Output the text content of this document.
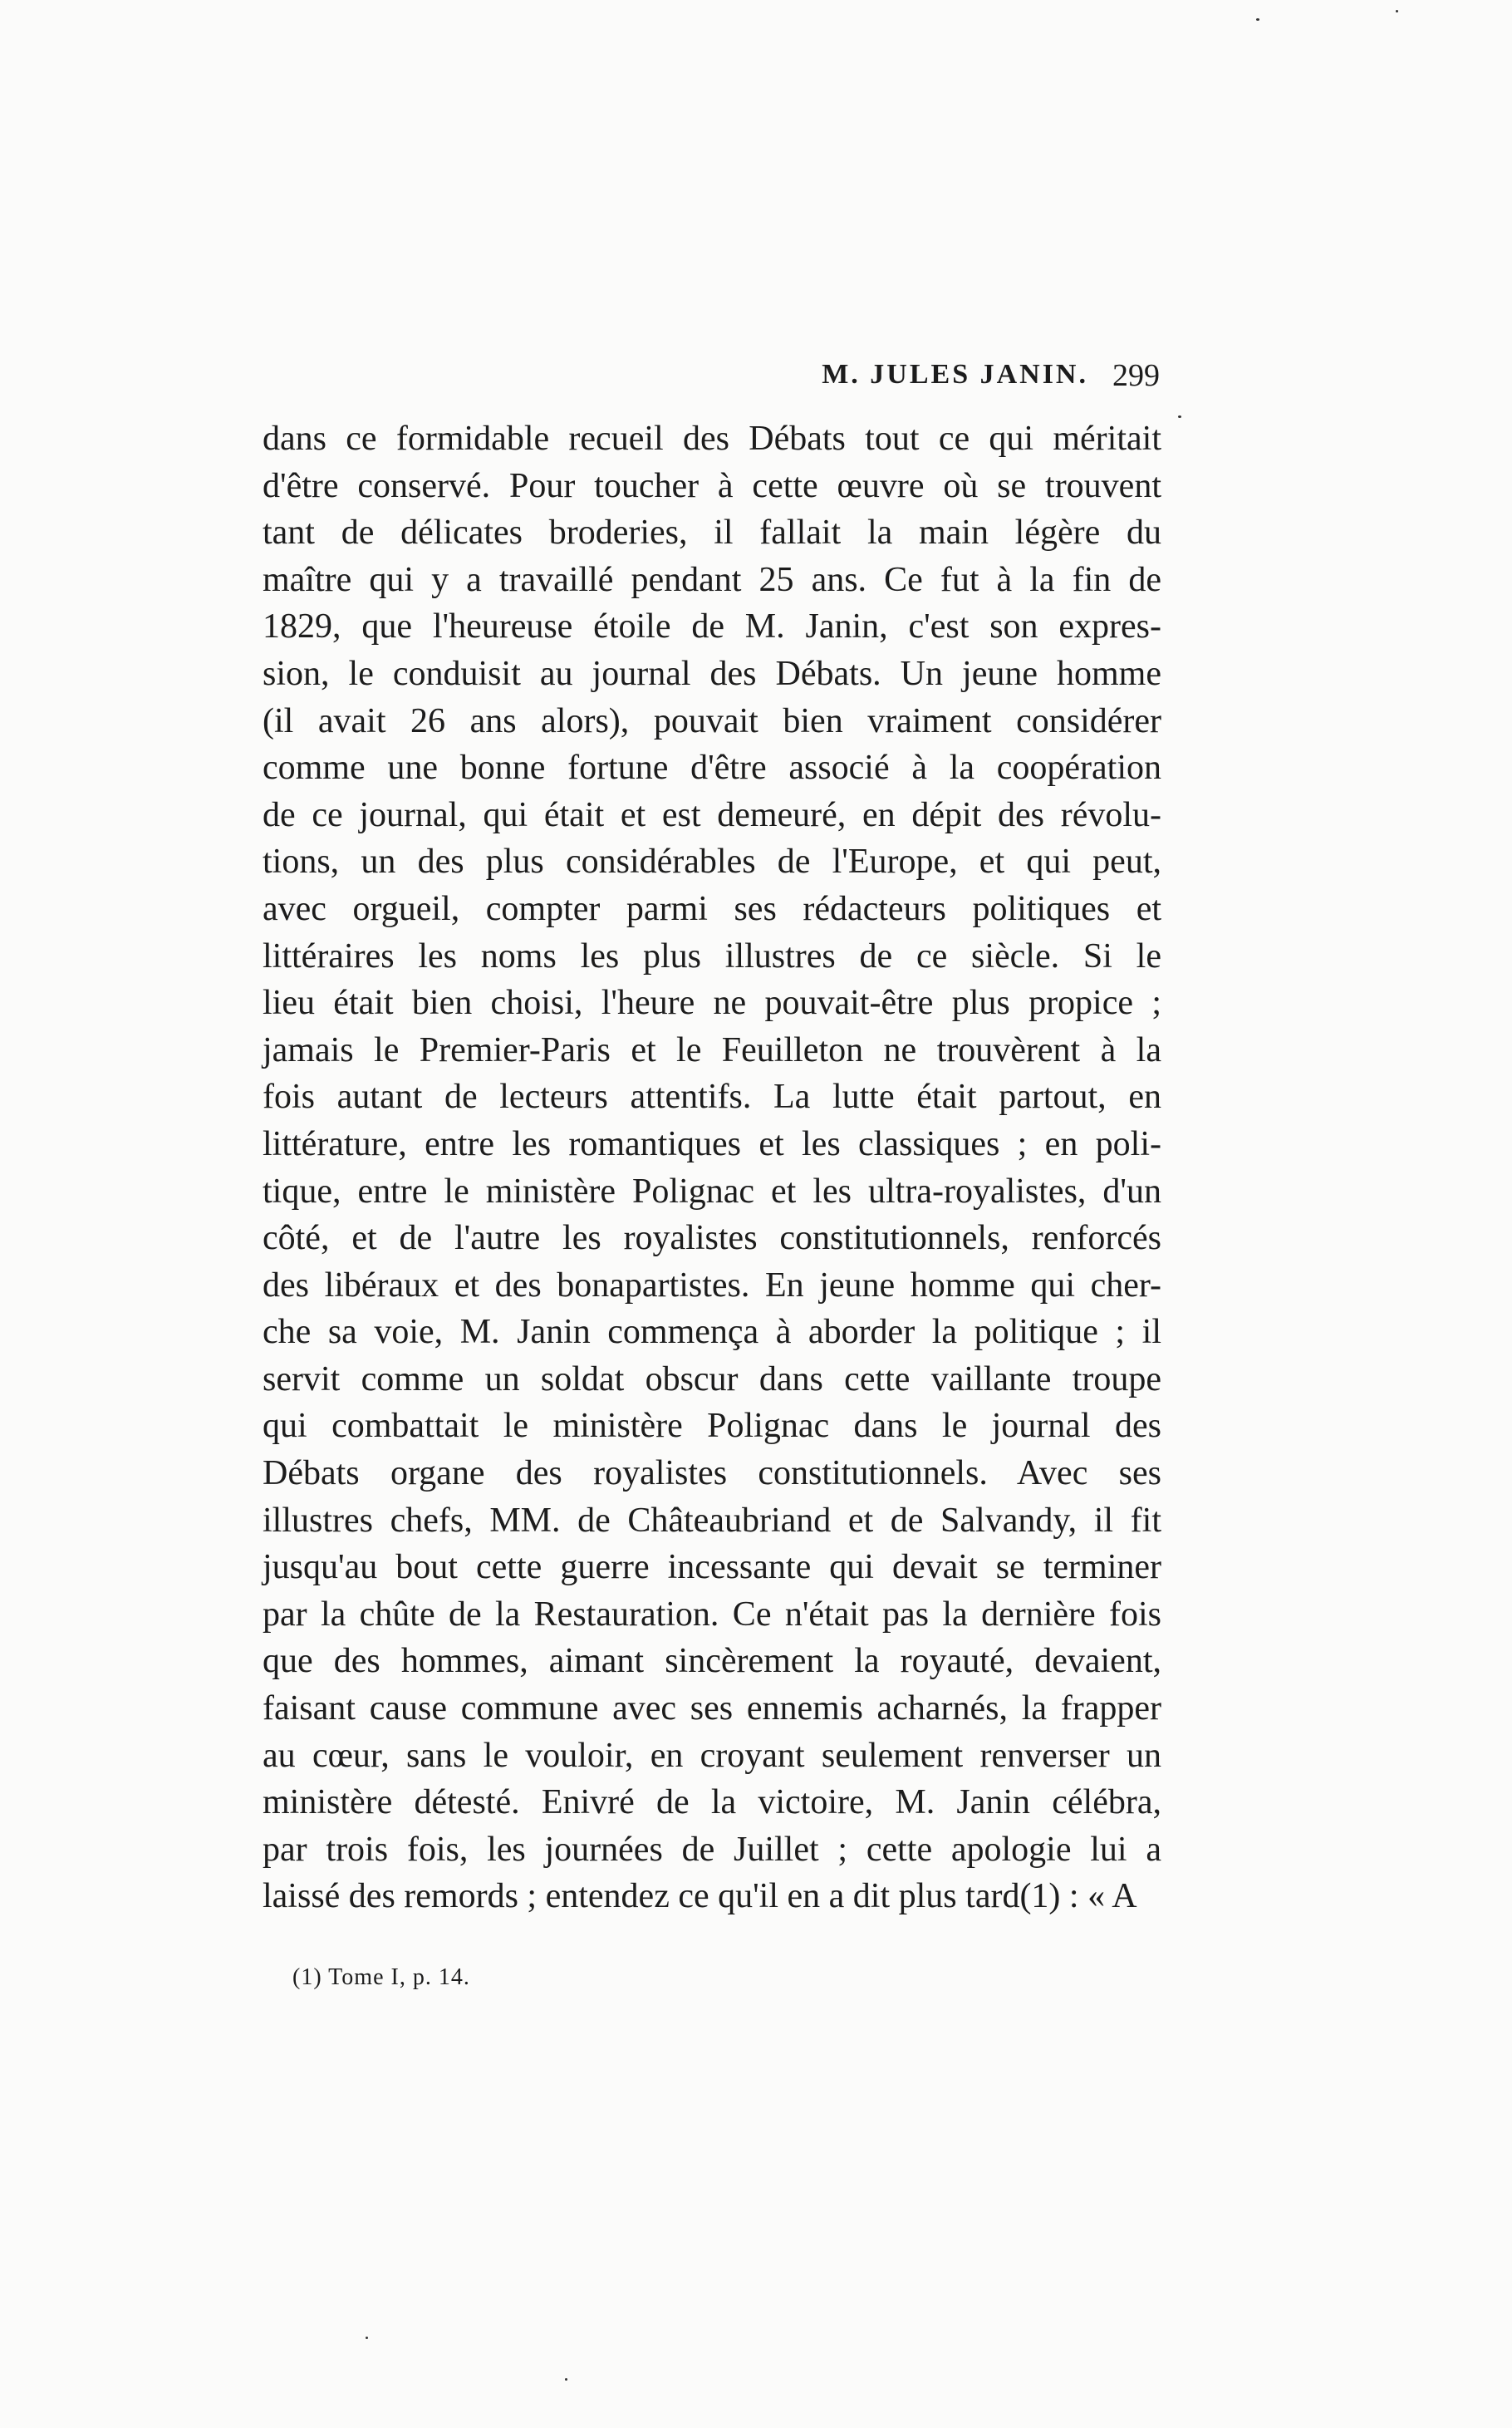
M. JULES JANIN. 299
dans ce formidable recueil des Débats tout ce qui méritait
d'être conservé. Pour toucher à cette œuvre où se trouvent
tant de délicates broderies, il fallait la main légère du
maître qui y a travaillé pendant 25 ans. Ce fut à la fin de
1829, que l'heureuse étoile de M. Janin, c'est son expres-
sion, le conduisit au journal des Débats. Un jeune homme
(il avait 26 ans alors), pouvait bien vraiment considérer
comme une bonne fortune d'être associé à la coopération
de ce journal, qui était et est demeuré, en dépit des révolu-
tions, un des plus considérables de l'Europe, et qui peut,
avec orgueil, compter parmi ses rédacteurs politiques et
littéraires les noms les plus illustres de ce siècle. Si le
lieu était bien choisi, l'heure ne pouvait-être plus propice ;
jamais le Premier-Paris et le Feuilleton ne trouvèrent à la
fois autant de lecteurs attentifs. La lutte était partout, en
littérature, entre les romantiques et les classiques ; en poli-
tique, entre le ministère Polignac et les ultra-royalistes, d'un
côté, et de l'autre les royalistes constitutionnels, renforcés
des libéraux et des bonapartistes. En jeune homme qui cher-
che sa voie, M. Janin commença à aborder la politique ; il
servit comme un soldat obscur dans cette vaillante troupe
qui combattait le ministère Polignac dans le journal des
Débats organe des royalistes constitutionnels. Avec ses
illustres chefs, MM. de Châteaubriand et de Salvandy, il fit
jusqu'au bout cette guerre incessante qui devait se terminer
par la chûte de la Restauration. Ce n'était pas la dernière fois
que des hommes, aimant sincèrement la royauté, devaient,
faisant cause commune avec ses ennemis acharnés, la frapper
au cœur, sans le vouloir, en croyant seulement renverser un
ministère détesté. Enivré de la victoire, M. Janin célébra,
par trois fois, les journées de Juillet ; cette apologie lui a
laissé des remords ; entendez ce qu'il en a dit plus tard(1) : « A
(1) Tome I, p. 14.
